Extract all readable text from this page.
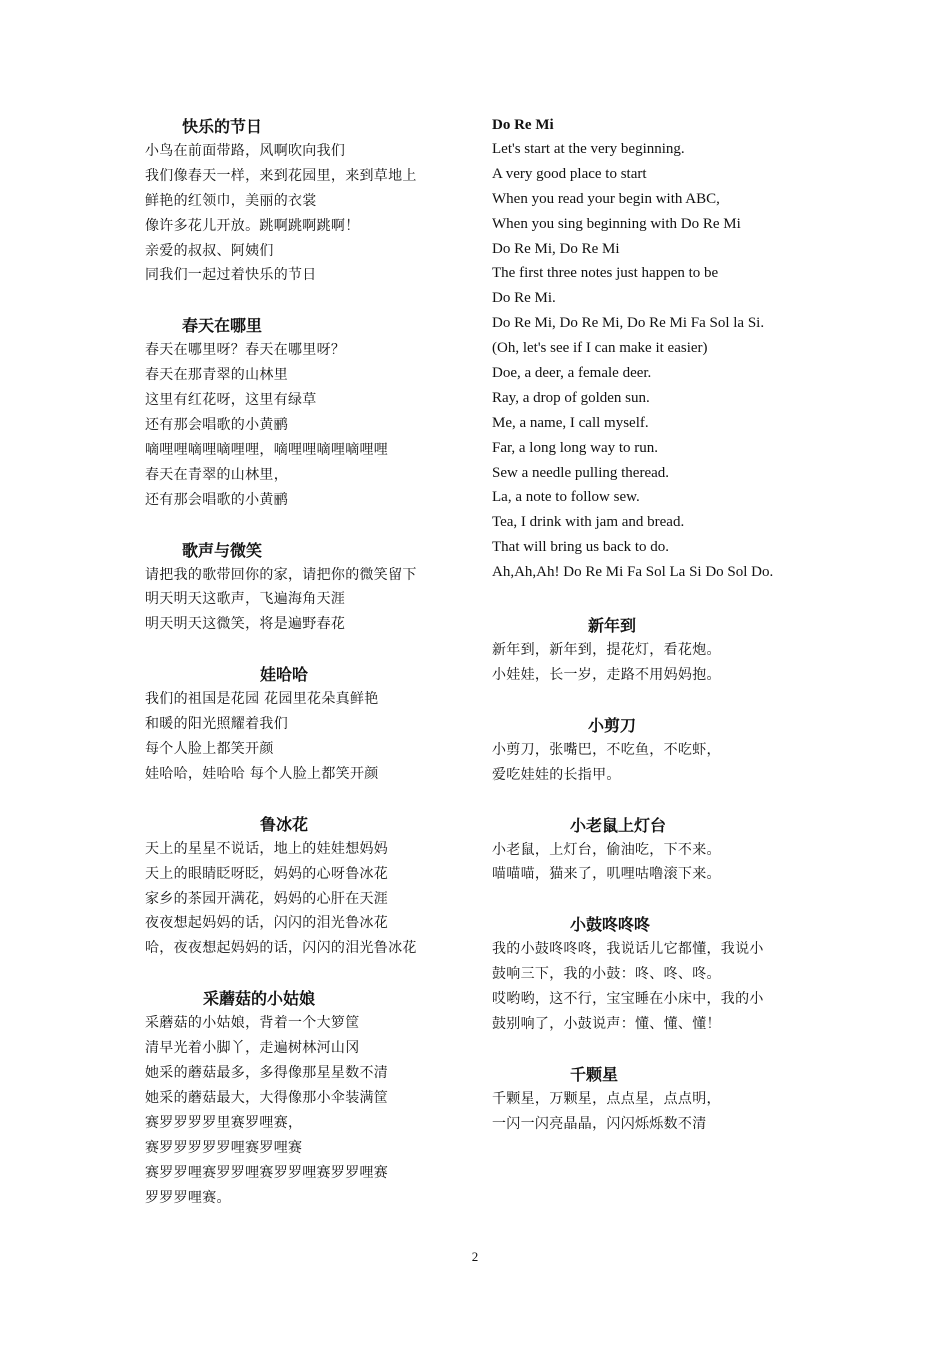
快乐的节日
小鸟在前面带路，风啊吹向我们
我们像春天一样，来到花园里，来到草地上
鲜艳的红领巾，美丽的衣裳
像许多花儿开放。跳啊跳啊跳啊！
亲爱的叔叔、阿姨们
同我们一起过着快乐的节日
春天在哪里
春天在哪里呀？春天在哪里呀？
春天在那青翠的山林里
这里有红花呀，这里有绿草
还有那会唱歌的小黄鹂
嘀哩哩嘀哩嘀哩哩，嘀哩哩嘀哩嘀哩哩
春天在青翠的山林里，
还有那会唱歌的小黄鹂
歌声与微笑
请把我的歌带回你的家，请把你的微笑留下
明天明天这歌声，飞遍海角天涯
明天明天这微笑，将是遍野春花
娃哈哈
我们的祖国是花园 花园里花朵真鲜艳
和暖的阳光照耀着我们
每个人脸上都笑开颜
娃哈哈，娃哈哈 每个人脸上都笑开颜
鲁冰花
天上的星星不说话，地上的娃娃想妈妈
天上的眼睛眨呀眨，妈妈的心呀鲁冰花
家乡的茶园开满花，妈妈的心肝在天涯
夜夜想起妈妈的话，闪闪的泪光鲁冰花
哈，夜夜想起妈妈的话，闪闪的泪光鲁冰花
采蘑菇的小姑娘
采蘑菇的小姑娘，背着一个大箩筐
清早光着小脚丫，走遍树林河山冈
她采的蘑菇最多，多得像那星星数不清
她采的蘑菇最大，大得像那小伞装满筐
赛罗罗罗罗里赛罗哩赛，
赛罗罗罗罗罗哩赛罗哩赛
赛罗罗哩赛罗罗哩赛罗罗哩赛罗罗哩赛
罗罗罗哩赛。
Do Re Mi
Let's start at the very beginning.
A very good place to start
When you read your begin with ABC,
When you sing beginning with Do Re Mi
Do Re Mi, Do Re Mi
The first three notes just happen to be
Do Re Mi.
Do Re Mi, Do Re Mi, Do Re Mi Fa Sol la Si.
(Oh, let's see if I can make it easier)
Doe, a deer, a female deer.
Ray, a drop of golden sun.
Me, a name, I call myself.
Far, a long long way to run.
Sew a needle pulling theread.
La, a note to follow sew.
Tea, I drink with jam and bread.
That will bring us back to do.
Ah,Ah,Ah! Do Re Mi Fa Sol La Si Do Sol Do.
新年到
新年到，新年到，提花灯，看花炮。
小娃娃，长一岁，走路不用妈妈抱。
小剪刀
小剪刀，张嘴巴，不吃鱼，不吃虾，
爱吃娃娃的长指甲。
小老鼠上灯台
小老鼠，上灯台，偷油吃，下不来。
喵喵喵，猫来了，叽哩咕噜滚下来。
小鼓咚咚咚
我的小鼓咚咚咚，我说话儿它都懂，我说小
鼓响三下，我的小鼓：咚、咚、咚。
哎哟哟，这不行，宝宝睡在小床中，我的小
鼓别响了，小鼓说声：懂、懂、懂！
千颗星
千颗星，万颗星，点点星，点点明，
一闪一闪亮晶晶，闪闪烁烁数不清
2
